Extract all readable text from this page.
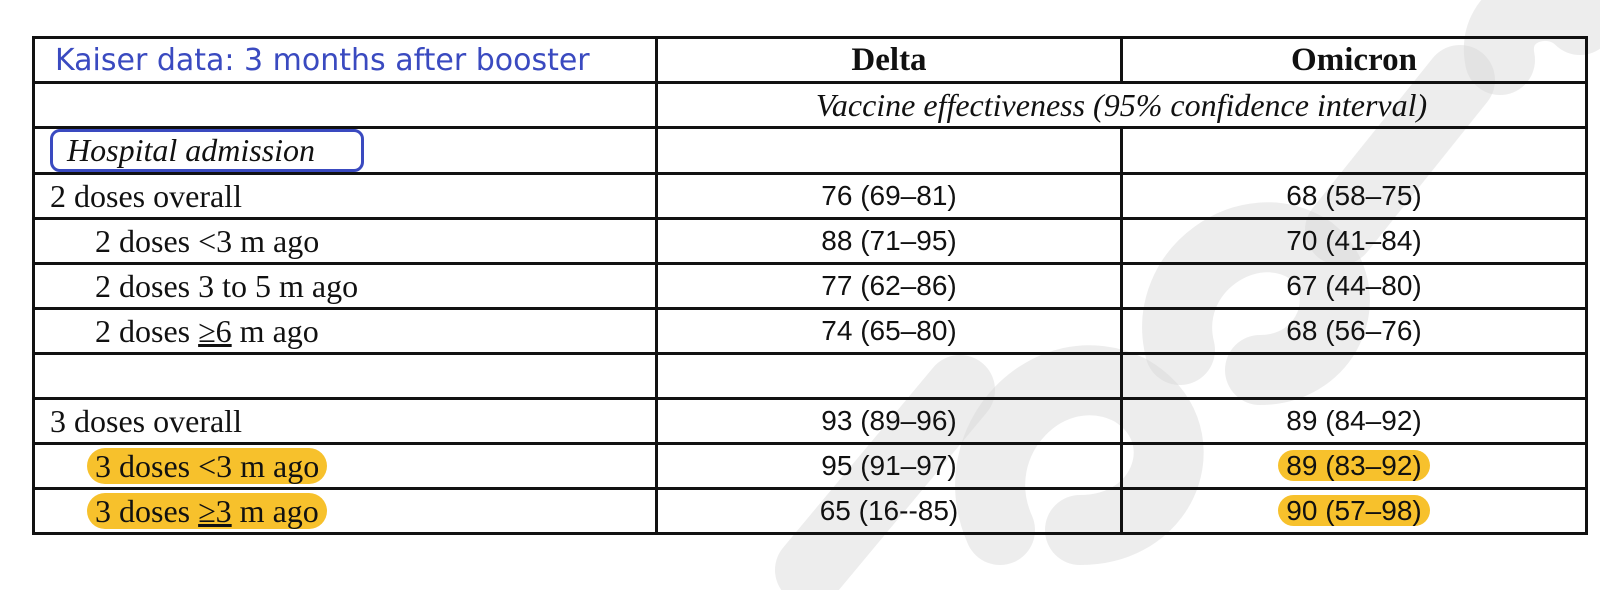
Kaiser data: 3 months after booster	Delta	Omicron
	Vaccine effectiveness (95% confidence interval)	
Hospital admission		
2 doses overall	76 (69‒81)	68 (58‒75)
2 doses <3 m ago	88 (71‒95)	70 (41‒84)
2 doses 3 to 5 m ago	77 (62‒86)	67 (44‒80)
2 doses ≥6 m ago	74 (65‒80)	68 (56‒76)

3 doses overall	93 (89‒96)	89 (84‒92)
3 doses <3 m ago	95 (91‒97)	89 (83‒92)
3 doses ≥3 m ago	65 (16--85)	90 (57‒98)
